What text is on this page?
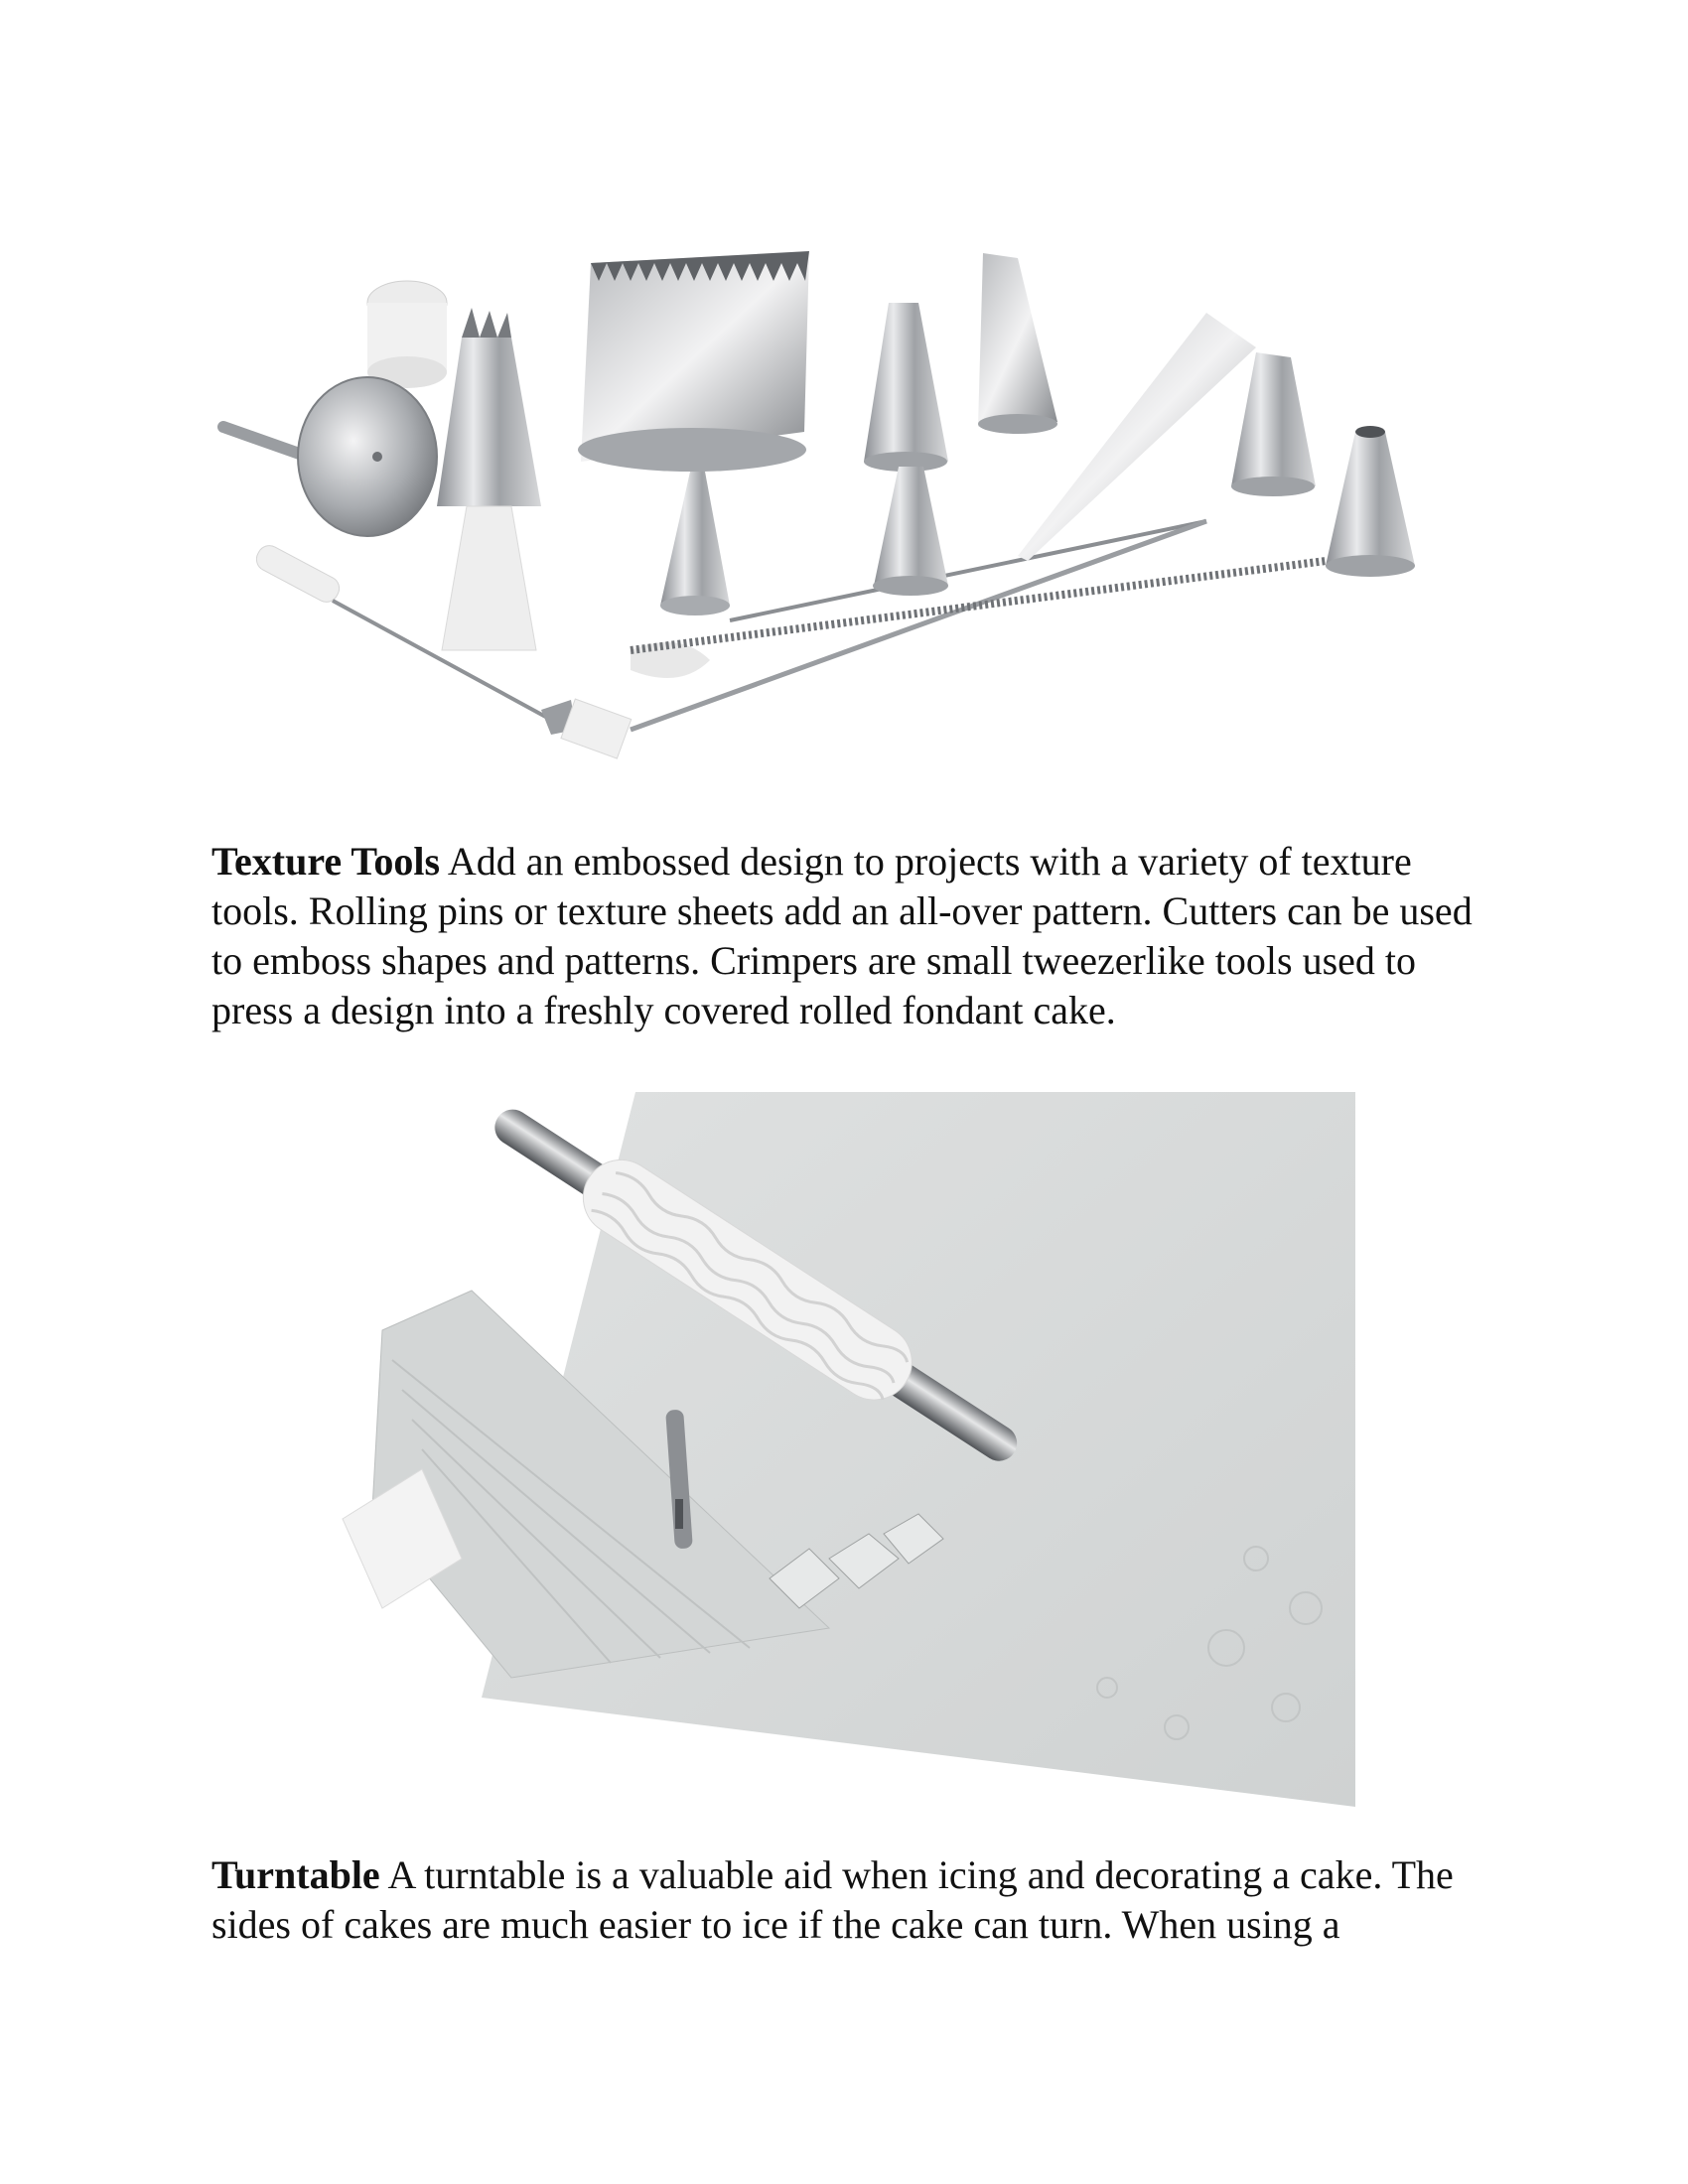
Texture Tools Add an embossed design to projects with a variety of texture tools. Rolling pins or texture sheets add an all-over pattern. Cutters can be used to emboss shapes and patterns. Crimpers are small tweezerlike tools used to press a design into a freshly covered rolled fondant cake.
Turntable A turntable is a valuable aid when icing and decorating a cake. The sides of cakes are much easier to ice if the cake can turn. When using a
